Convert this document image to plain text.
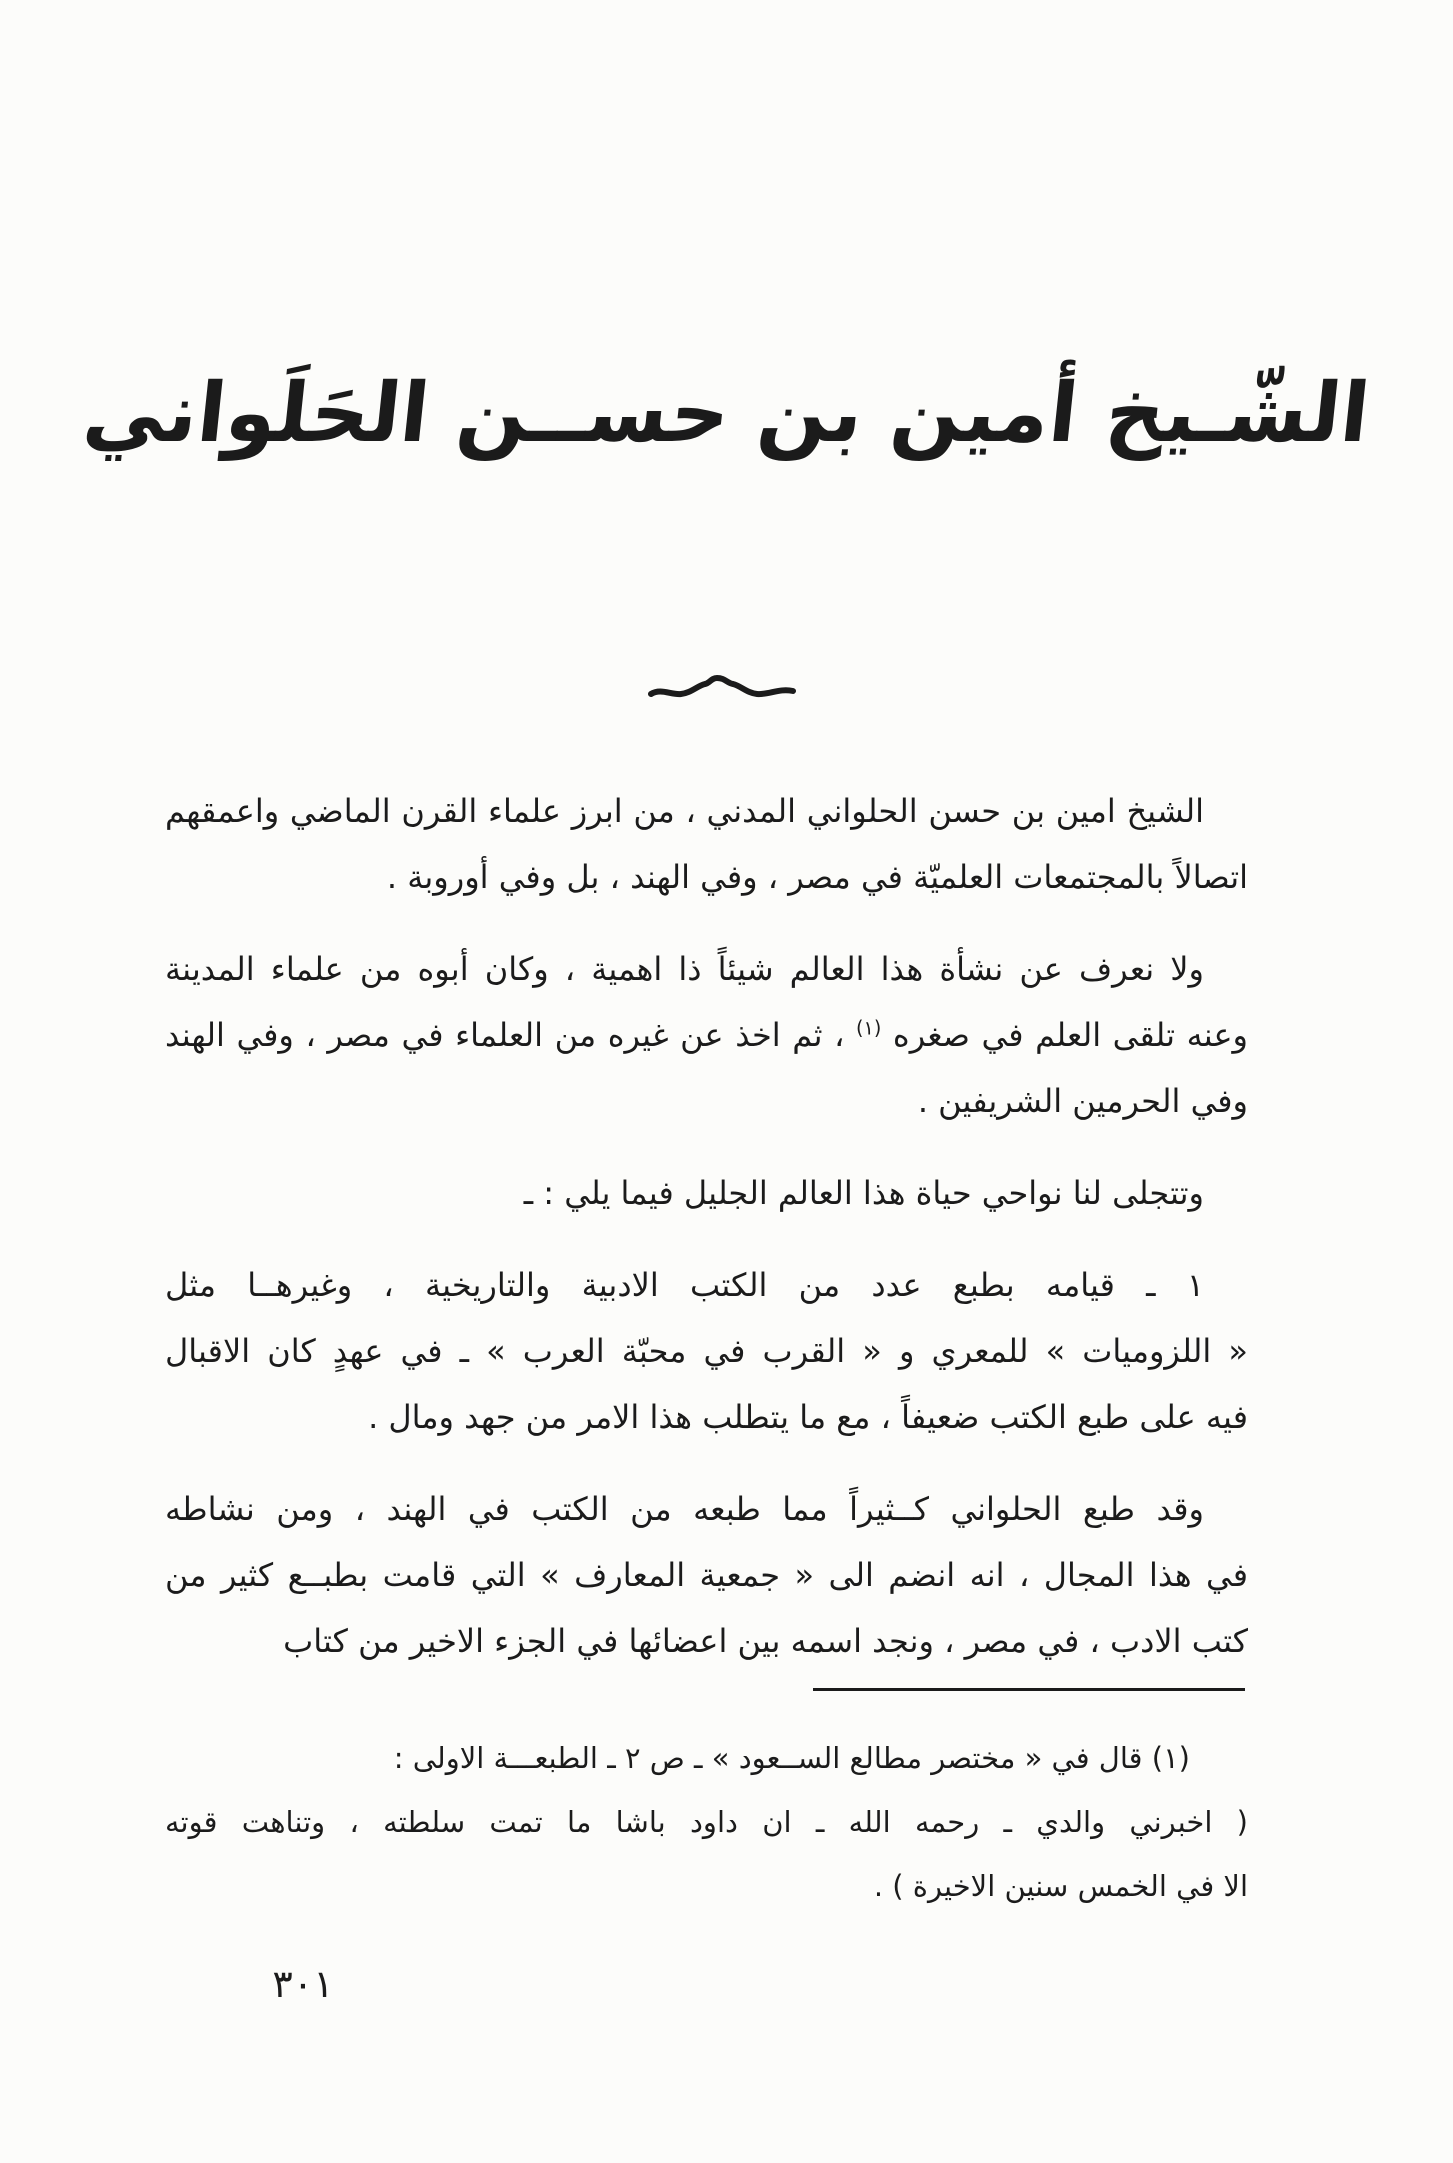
الشّـيخ أمين بن حســن الحَلَواني

الشيخ امين بن حسن الحلواني المدني ، من ابرز علماء القرن الماضي واعمقهم
اتصالاً بالمجتمعات العلميّة في مصر ، وفي الهند ، بل وفي أوروبة .

ولا نعرف عن نشأة هذا العالم شيئاً ذا اهمية ، وكان أبوه من علماء المدينة
وعنه تلقى العلم في صغره $^{(١)}$ ، ثم اخذ عن غيره من العلماء في مصر ، وفي الهند
وفي الحرمين الشريفين .

وتتجلى لنا نواحي حياة هذا العالم الجليل فيما يلي : ـ

١ ـ قيامه بطبع عدد من الكتب الادبية والتاريخية ، وغيرهــا مثل
« اللزوميات » للمعري و « القرب في محبّة العرب » ـ في عهدٍ كان الاقبال
فيه على طبع الكتب ضعيفاً ، مع ما يتطلب هذا الامر من جهد ومال .

وقد طبع الحلواني كــثيراً مما طبعه من الكتب في الهند ، ومن نشاطه
في هذا المجال ، انه انضم الى « جمعية المعارف » التي قامت بطبــع كثير من
كتب الادب ، في مصر ، ونجد اسمه بين اعضائها في الجزء الاخير من كتاب

(١) قال في « مختصر مطالع الســعود » ـ ص ٢ ـ الطبعـــة الاولى :
( اخبرني والدي ـ رحمه الله ـ ان داود باشا ما تمت سلطته ، وتناهت قوته
الا في الخمس سنين الاخيرة ) .
٣٠١
